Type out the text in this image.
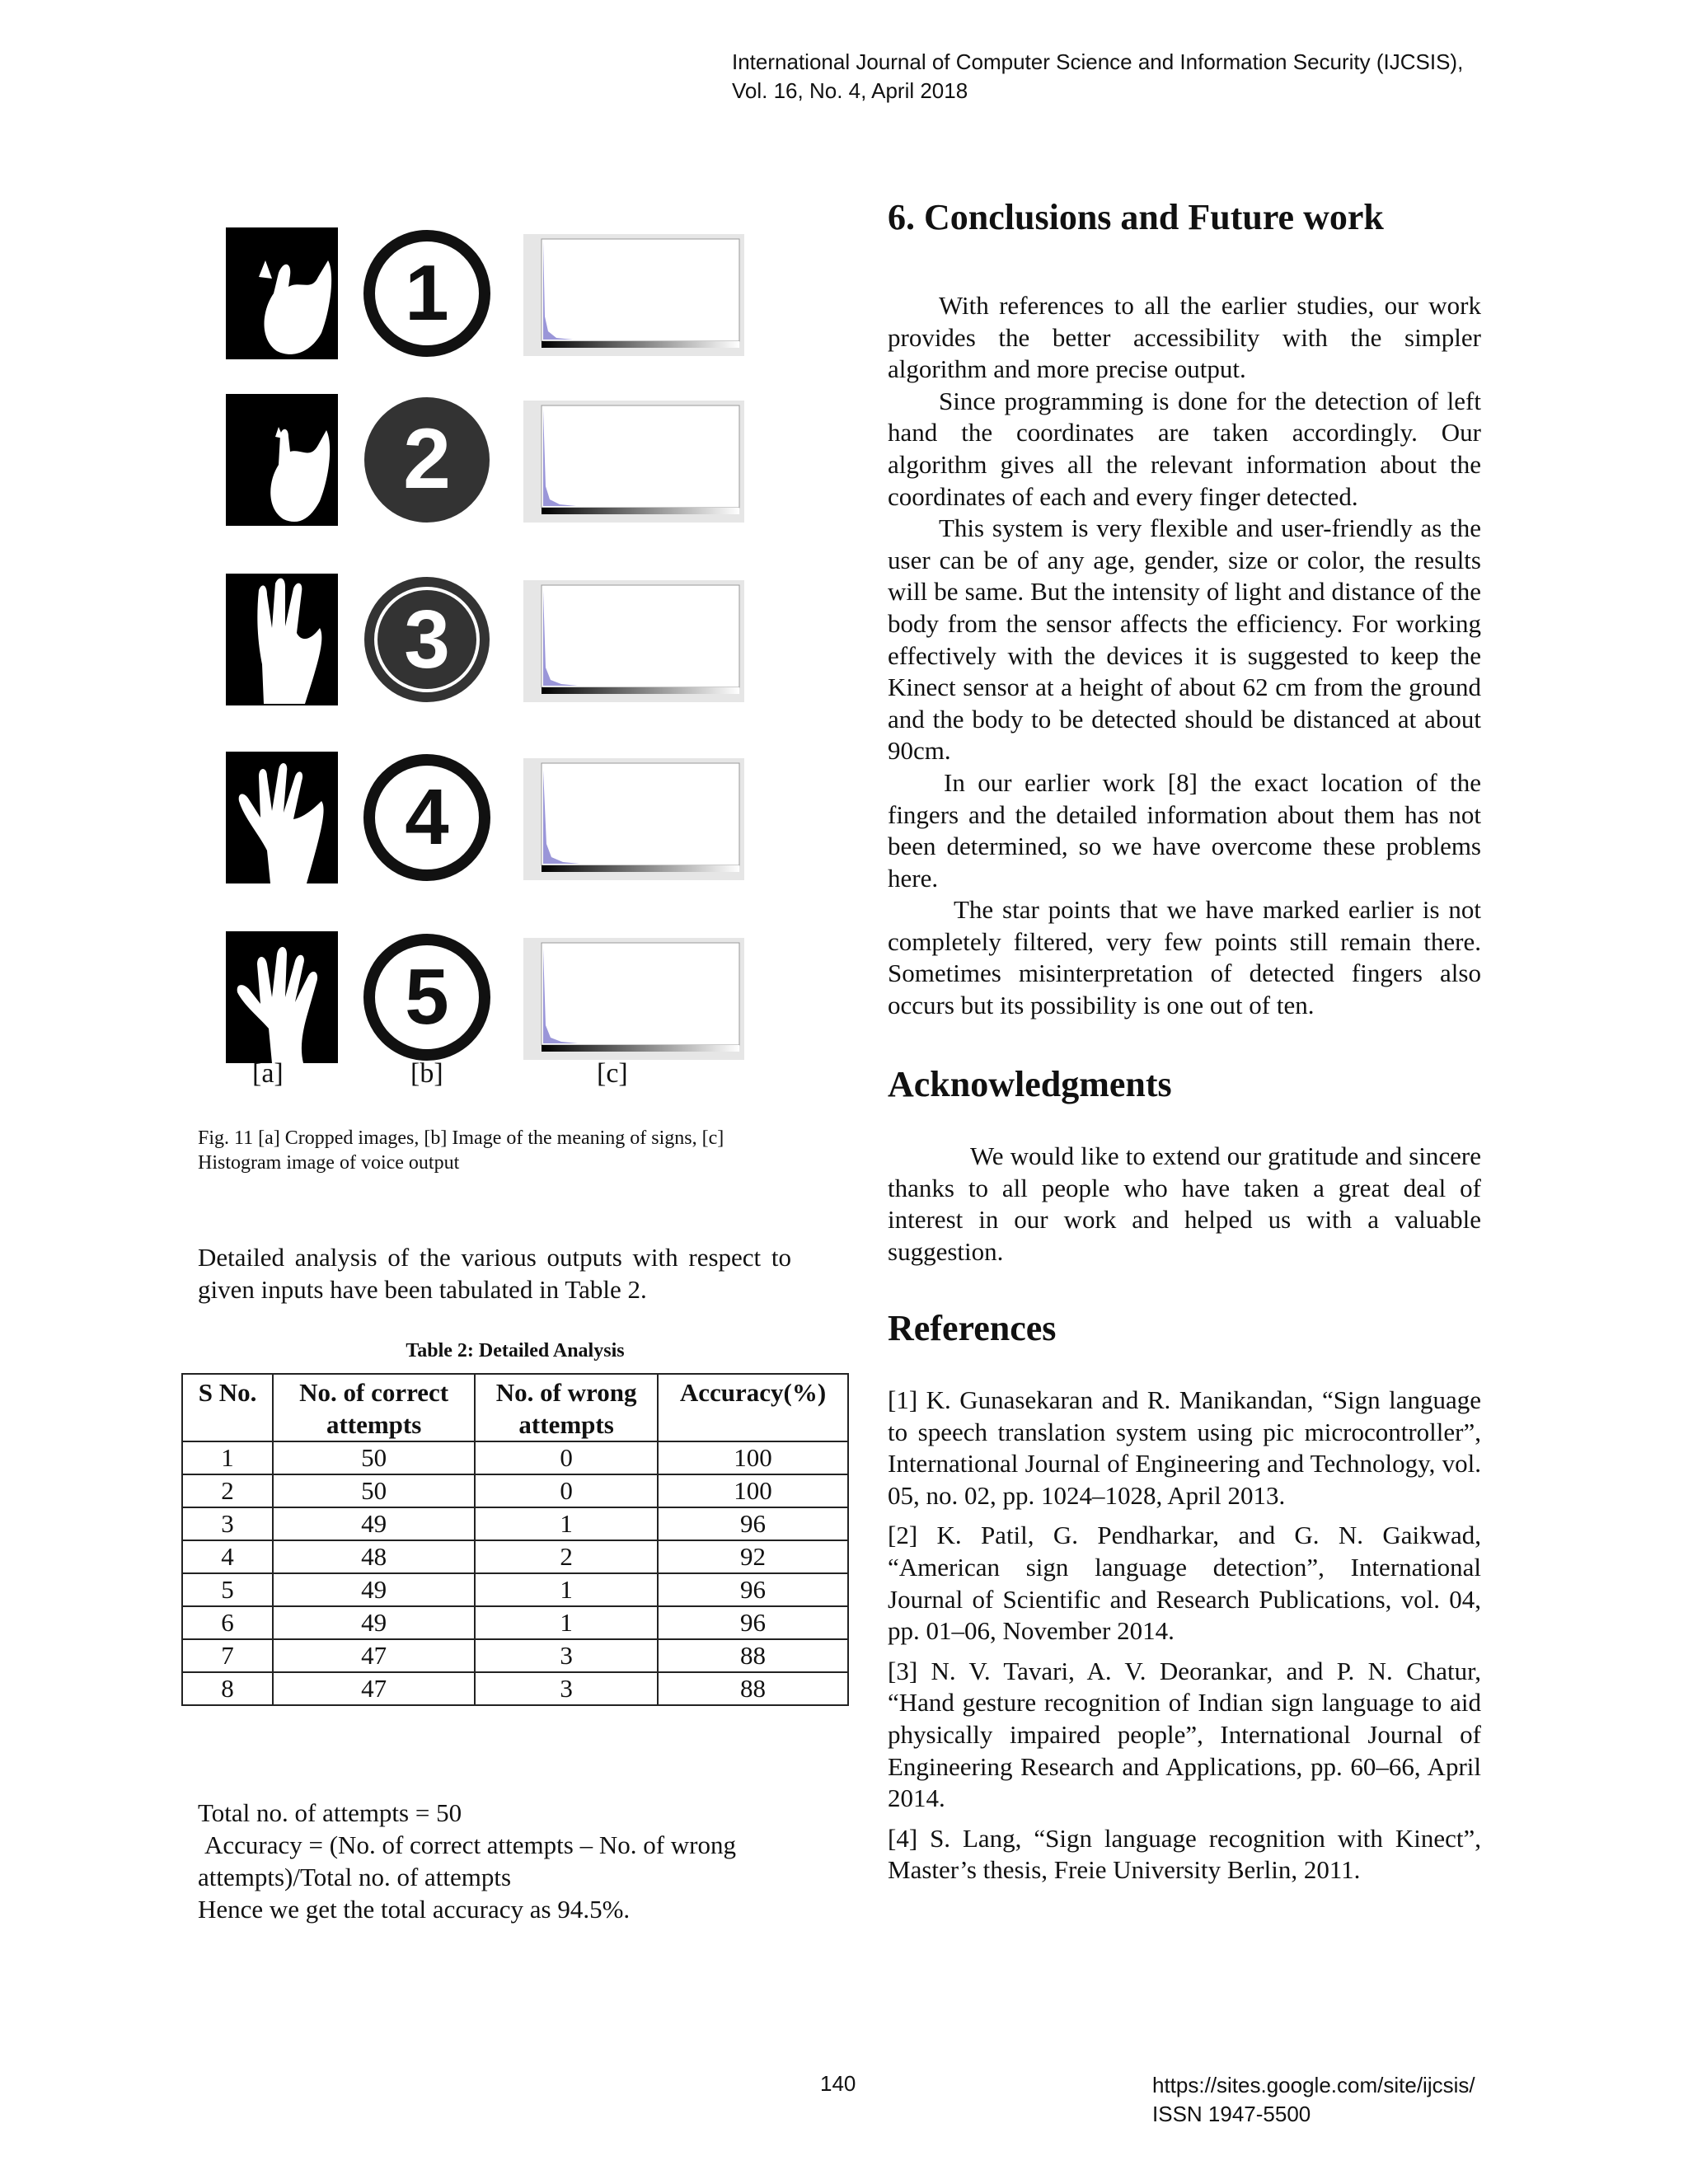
International Journal of Computer Science and Information Security (IJCSIS),
Vol. 16, No. 4, April 2018
1
2
3
4
5
[a]	[b]	[c]
Fig. 11 [a] Cropped images, [b] Image of the meaning of signs, [c] Histogram image of voice output
Detailed analysis of the various outputs with respect to given inputs have been tabulated in Table 2.
Table 2: Detailed Analysis
S No.	No. of correct attempts	No. of wrong attempts	Accuracy(%)
1	50	0	100
2	50	0	100
3	49	1	96
4	48	2	92
5	49	1	96
6	49	1	96
7	47	3	88
8	47	3	88
Total no. of attempts = 50
Accuracy = (No. of correct attempts – No. of wrong attempts)/Total no. of attempts
Hence we get the total accuracy as 94.5%.
6. Conclusions and Future work

With references to all the earlier studies, our work provides the better accessibility with the simpler algorithm and more precise output.

Since programming is done for the detection of left hand the coordinates are taken accordingly. Our algorithm gives all the relevant information about the coordinates of each and every finger detected.

This system is very flexible and user-friendly as the user can be of any age, gender, size or color, the results will be same. But the intensity of light and distance of the body from the sensor affects the efficiency. For working effectively with the devices it is suggested to keep the Kinect sensor at a height of about 62 cm from the ground and the body to be detected should be distanced at about 90cm.

In our earlier work [8] the exact location of the fingers and the detailed information about them has not been determined, so we have overcome these problems here.

The star points that we have marked earlier is not completely filtered, very few points still remain there. Sometimes misinterpretation of detected fingers also occurs but its possibility is one out of ten.

Acknowledgments

We would like to extend our gratitude and sincere thanks to all people who have taken a great deal of interest in our work and helped us with a valuable suggestion.

References

[1] K. Gunasekaran and R. Manikandan, “Sign language to speech translation system using pic microcontroller”, International Journal of Engineering and Technology, vol. 05, no. 02, pp. 1024–1028, April 2013.

[2] K. Patil, G. Pendharkar, and G. N. Gaikwad, “American sign language detection”, International Journal of Scientific and Research Publications, vol. 04, pp. 01–06, November 2014.

[3] N. V. Tavari, A. V. Deorankar, and P. N. Chatur, “Hand gesture recognition of Indian sign language to aid physically impaired people”, International Journal of Engineering Research and Applications, pp. 60–66, April 2014.

[4] S. Lang, “Sign language recognition with Kinect”, Master’s thesis, Freie University Berlin, 2011.

140	https://sites.google.com/site/ijcsis/
ISSN 1947-5500
